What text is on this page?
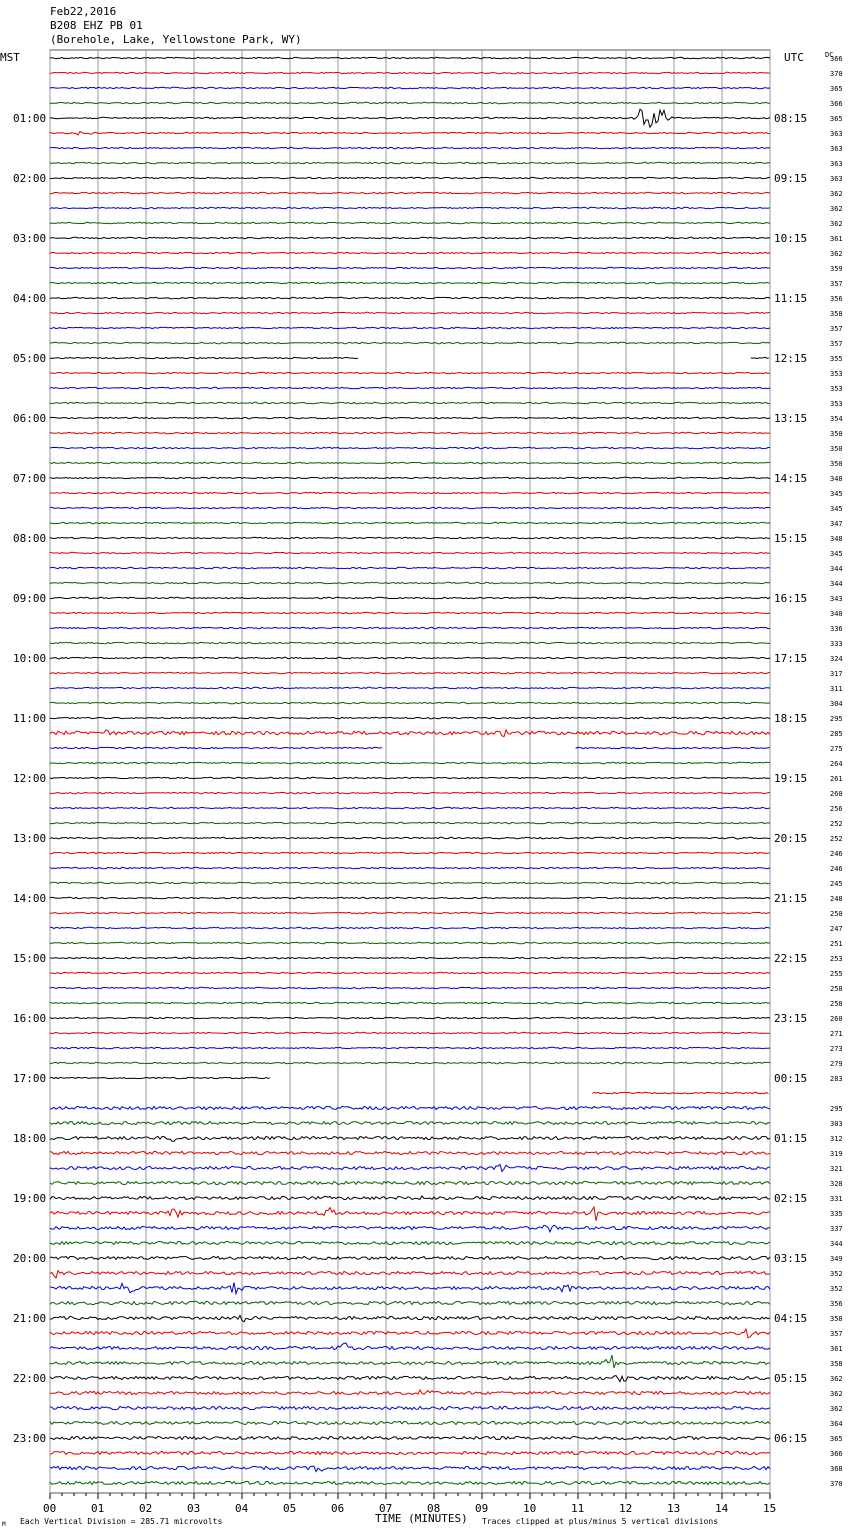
Feb22,2016
B208 EHZ PB 01
(Borehole, Lake, Yellowstone Park, WY)
00	01	02	03	04	05	06	07	08	09	10	11	12	13	14	15
366
370
365
366
365
363
363
363
363
362
362
362
361
362
359
357
356
358
357
357
355
353
353
353
354
350
350
350
348
345
345
347
348
345
344
344
343
340
336
333
324
317
311
304
295
285
275
264
261
260
256
252
252
246
246
245
248
250
247
251
253
255
258
258
260
271
273
279
283
295
303
312
319
321
328
331
335
337
344
349
352
352
356
358
357
361
358
362
362
362
364
365
366
368
370
01:00
02:00
03:00
04:00
05:00
06:00
07:00
08:00
09:00
10:00
11:00
12:00
13:00
14:00
15:00
16:00
17:00
18:00
19:00
20:00
21:00
22:00
23:00
08:15
09:15
10:15
11:15
12:15
13:15
14:15
15:15
16:15
17:15
18:15
19:15
20:15
21:15
22:15
23:15
00:15
01:15
02:15
03:15
04:15
05:15
06:15
MST	UTC	DC
TIME (MINUTES)
Each Vertical Division = 285.71 microvolts	Traces clipped at plus/minus 5 vertical divisions
M
